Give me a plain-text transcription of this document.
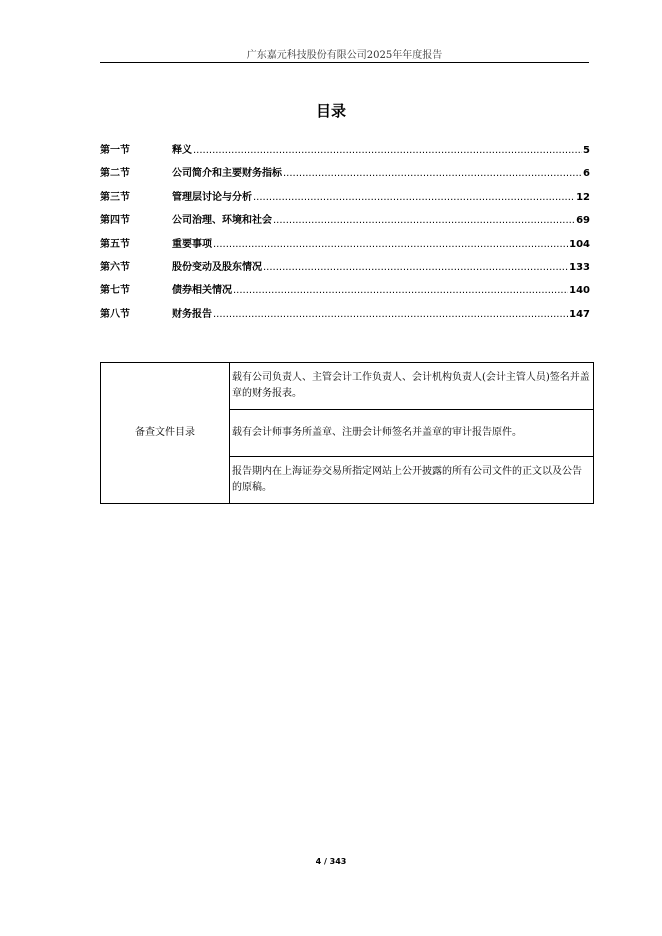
广东嘉元科技股份有限公司2025年年度报告
目录
第一节	释义 .....	5
第二节	公司简介和主要财务指标 .....	6
第三节	管理层讨论与分析 .....	12
第四节	公司治理、环境和社会 .....	69
第五节	重要事项 .....	104
第六节	股份变动及股东情况 .....	133
第七节	债券相关情况 .....	140
第八节	财务报告 .....	147
备查文件目录	载有公司负责人、主管会计工作负责人、会计机构负责人(会计主管人员)签名并盖章的财务报表。
载有会计师事务所盖章、注册会计师签名并盖章的审计报告原件。
报告期内在上海证券交易所指定网站上公开披露的所有公司文件的正文以及公告的原稿。
4 / 343
